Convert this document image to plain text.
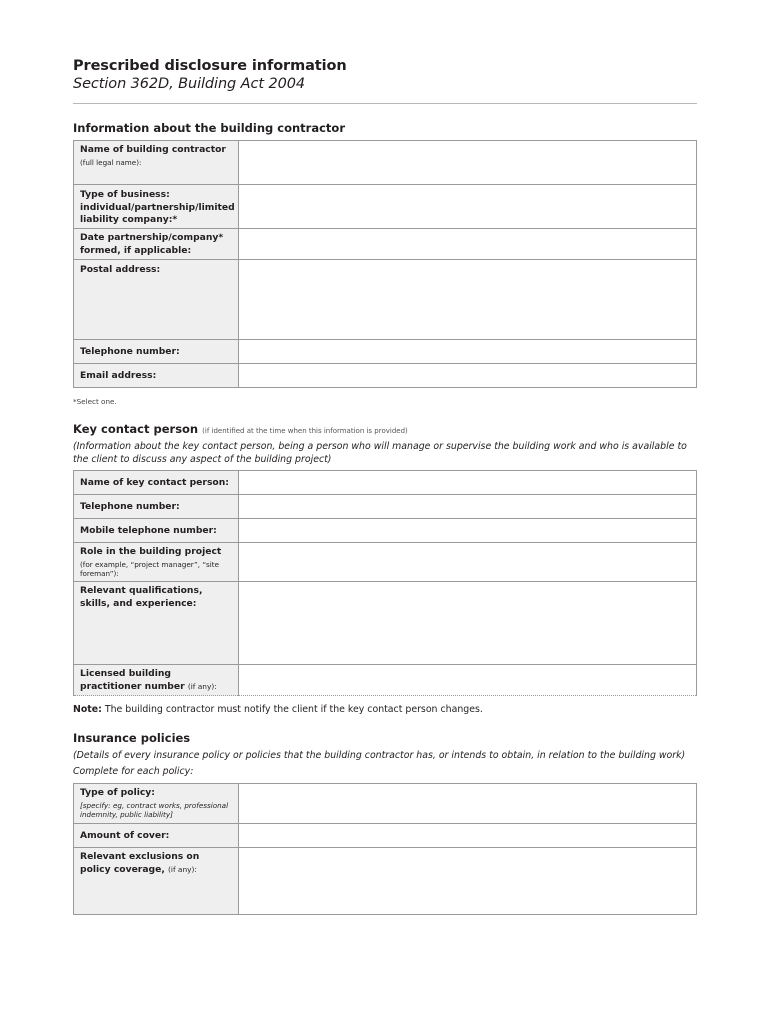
Prescribed disclosure information
Section 362D, Building Act 2004
Information about the building contractor
Name of building contractor
(full legal name):	

Type of business: individual/partnership/limited liability company:*	
Date partnership/company* formed, if applicable:	
Postal address:	
Telephone number:	
Email address:	
*Select one.
Key contact person (if identified at the time when this information is provided)
(Information about the key contact person, being a person who will manage or supervise the building work and who is available to the client to discuss any aspect of the building project)
Name of key contact person:	
Telephone number:	
Mobile telephone number:	
Role in the building project
(for example, “project manager”, “site foreman”):	

Relevant qualifications, skills, and experience:	
Licensed building practitioner number (if any):	
Note: The building contractor must notify the client if the key contact person changes.
Insurance policies
(Details of every insurance policy or policies that the building contractor has, or intends to obtain, in relation to the building work)
Complete for each policy:
Type of policy:
[specify: eg, contract works, professional indemnity, public liability]	

Amount of cover:	
Relevant exclusions on policy coverage, (if any):	
